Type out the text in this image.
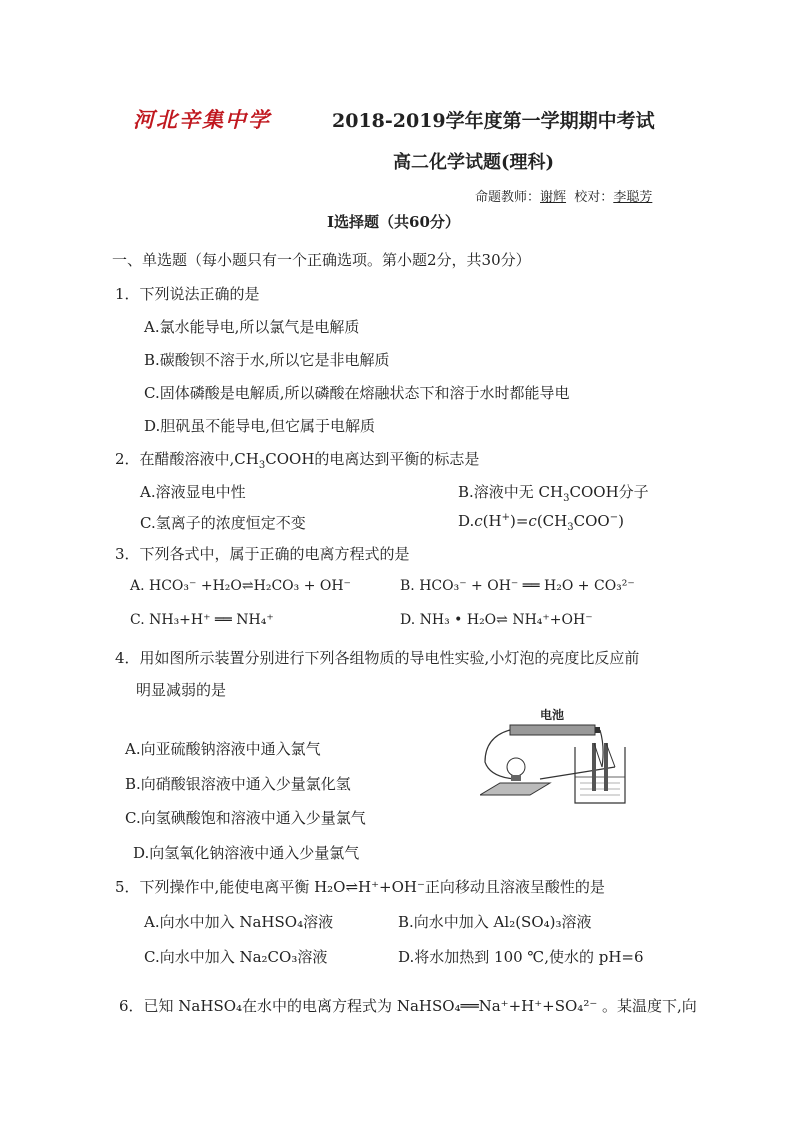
河北辛集中学	2018-2019学年度第一学期期中考试
高二化学试题(理科)
命题教师：谢辉 校对：李聪芳
Ⅰ选择题（共60分）
一、单选题（每小题只有一个正确选项。第小题2分，共30分）
1．下列说法正确的是
A.氯水能导电,所以氯气是电解质
B.碳酸钡不溶于水,所以它是非电解质
C.固体磷酸是电解质,所以磷酸在熔融状态下和溶于水时都能导电
D.胆矾虽不能导电,但它属于电解质
2．在醋酸溶液中$,CH_3COOH$的电离达到平衡的标志是
A.溶液显电中性	B.溶液中无 $CH_3COOH$分子
C.氢离子的浓度恒定不变	$D.c(H^+)=c(CH_3COO^-)$
3．下列各式中，属于正确的电离方程式的是
A. HCO₃⁻ +H₂O⇌H₂CO₃ + OH⁻	B. HCO₃⁻ + OH⁻ ══ H₂O + CO₃²⁻
C. NH₃+H⁺ ══ NH₄⁺	D. NH₃ • H₂O⇌ NH₄⁺+OH⁻
4．用如图所示装置分别进行下列各组物质的导电性实验,小灯泡的亮度比反应前
明显减弱的是
A.向亚硫酸钠溶液中通入氯气
B.向硝酸银溶液中通入少量氯化氢
C.向氢碘酸饱和溶液中通入少量氯气
D.向氢氧化钠溶液中通入少量氯气
电池
5．下列操作中,能使电离平衡 H₂O⇌H⁺+OH⁻正向移动且溶液呈酸性的是
A.向水中加入 NaHSO₄溶液	B.向水中加入 Al₂(SO₄)₃溶液
C.向水中加入 Na₂CO₃溶液	D.将水加热到 100 ℃,使水的 pH=6
6．已知 NaHSO₄在水中的电离方程式为 NaHSO₄══Na⁺+H⁺+SO₄²⁻ 。某温度下,向
